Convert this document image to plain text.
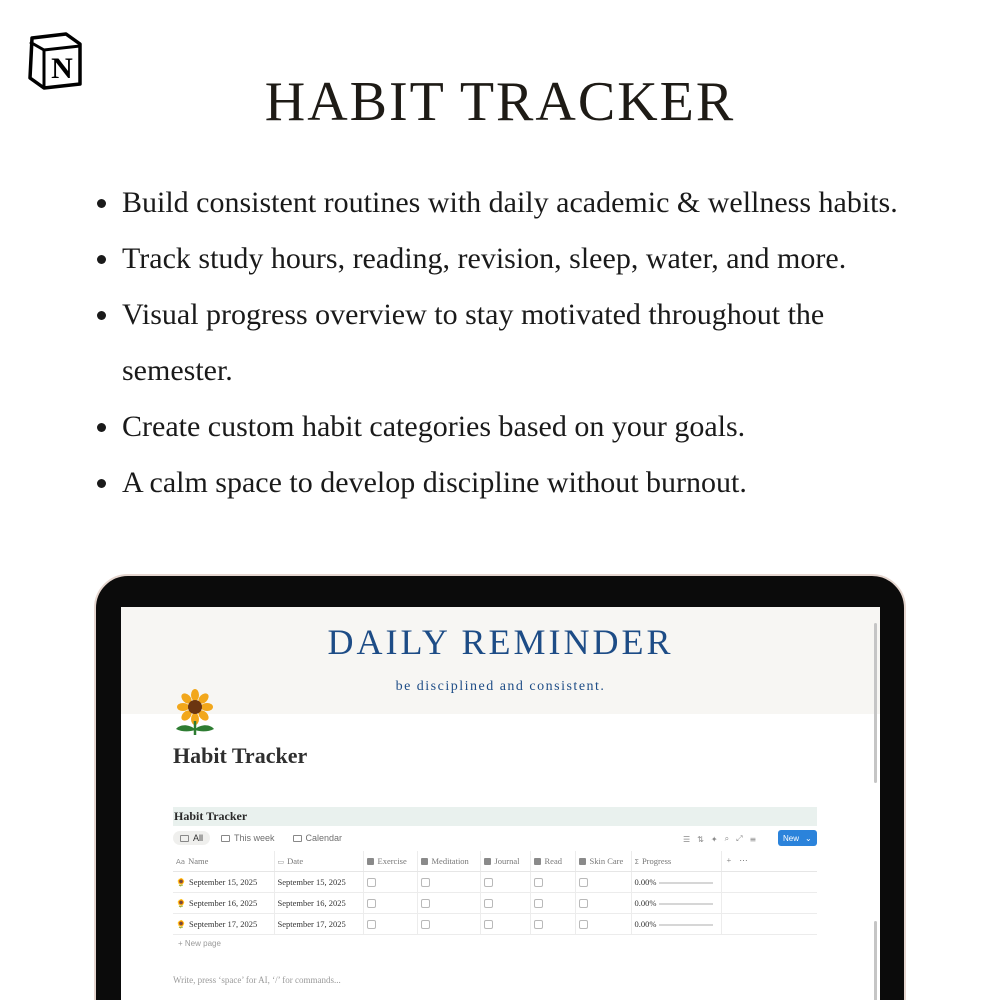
N
HABIT TRACKER
Build consistent routines with daily academic & wellness habits.
Track study hours, reading, revision, sleep, water, and more.
Visual progress overview to stay motivated throughout the semester.
Create custom habit categories based on your goals.
A calm space to develop discipline without burnout.
DAILY REMINDER
be disciplined and consistent.
Habit Tracker
Habit Tracker
All	This week	Calendar	☰ ⇅ ✦ ⌕ ⤢ ≡	New ⌄
Aa Name	▭ Date	Exercise	Meditation	Journal	Read	Skin Care	Σ Progress	+ ⋯
🌻 September 15, 2025	September 15, 2025						0.00%	
🌻 September 16, 2025	September 16, 2025						0.00%	
🌻 September 17, 2025	September 17, 2025						0.00%	
+ New page
Write, press ‘space’ for AI, ‘/’ for commands...
